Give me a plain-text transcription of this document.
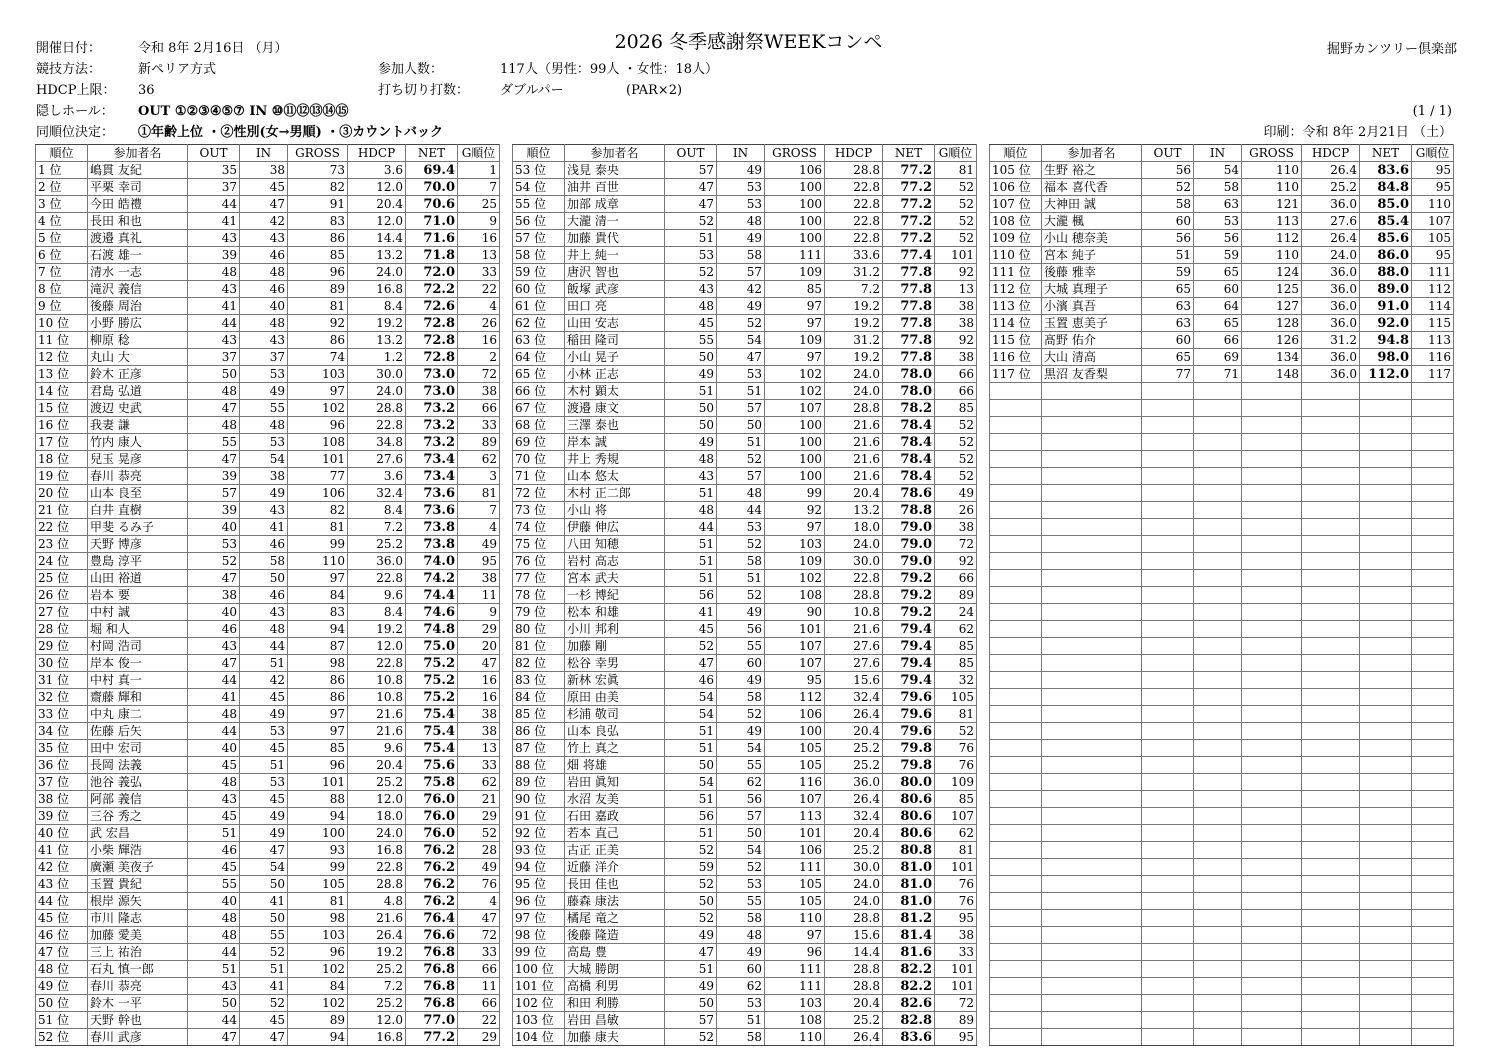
2026 冬季感謝祭WEEKコンペ	掘野カンツリー倶楽部
開催日付：	令和 8年 2月16日 （月）
競技方法：	新ペリア方式	参加人数：	117人（男性：99人 ・女性：18人）
HDCP上限： 36	打ち切り打数： ダブルパー	(PAR×2)
隠しホール： OUT ①②③④⑤⑦ IN ⑩⑪⑫⑬⑭⑮	(1 / 1)
同順位決定： ①年齢上位 ・②性別(女→男順) ・③カウントバック	印刷：令和 8年 2月21日 （土）
順位	参加者名	OUT	IN	GROSS	HDCP	NET	G順位
1 位	嶋貫 友紀	35	38	73	3.6	69.4	1
2 位	平栗 幸司	37	45	82	12.0	70.0	7
3 位	今田 皓禮	44	47	91	20.4	70.6	25
4 位	長田 和也	41	42	83	12.0	71.0	9
5 位	渡邉 真礼	43	43	86	14.4	71.6	16
6 位	石渡 雄一	39	46	85	13.2	71.8	13
7 位	清水 一志	48	48	96	24.0	72.0	33
8 位	滝沢 義信	43	46	89	16.8	72.2	22
9 位	後藤 周治	41	40	81	8.4	72.6	4
10 位	小野 勝広	44	48	92	19.2	72.8	26
11 位	柳原 稔	43	43	86	13.2	72.8	16
12 位	丸山 大	37	37	74	1.2	72.8	2
13 位	鈴木 正彦	50	53	103	30.0	73.0	72
14 位	君島 弘道	48	49	97	24.0	73.0	38
15 位	渡辺 史武	47	55	102	28.8	73.2	66
16 位	我妻 謙	48	48	96	22.8	73.2	33
17 位	竹内 康人	55	53	108	34.8	73.2	89
18 位	兒玉 晃彦	47	54	101	27.6	73.4	62
19 位	春川 恭亮	39	38	77	3.6	73.4	3
20 位	山本 良至	57	49	106	32.4	73.6	81
21 位	白井 直樹	39	43	82	8.4	73.6	7
22 位	甲斐 るみ子	40	41	81	7.2	73.8	4
23 位	天野 博彦	53	46	99	25.2	73.8	49
24 位	豊島 淳平	52	58	110	36.0	74.0	95
25 位	山田 裕道	47	50	97	22.8	74.2	38
26 位	岩本 要	38	46	84	9.6	74.4	11
27 位	中村 誠	40	43	83	8.4	74.6	9
28 位	堀 和人	46	48	94	19.2	74.8	29
29 位	村岡 浩司	43	44	87	12.0	75.0	20
30 位	岸本 俊一	47	51	98	22.8	75.2	47
31 位	中村 真一	44	42	86	10.8	75.2	16
32 位	齋藤 輝和	41	45	86	10.8	75.2	16
33 位	中丸 康二	48	49	97	21.6	75.4	38
34 位	佐藤 后矢	44	53	97	21.6	75.4	38
35 位	田中 宏司	40	45	85	9.6	75.4	13
36 位	長岡 法義	45	51	96	20.4	75.6	33
37 位	池谷 義弘	48	53	101	25.2	75.8	62
38 位	阿部 義信	43	45	88	12.0	76.0	21
39 位	三谷 秀之	45	49	94	18.0	76.0	29
40 位	武 宏昌	51	49	100	24.0	76.0	52
41 位	小柴 輝浩	46	47	93	16.8	76.2	28
42 位	廣瀬 美夜子	45	54	99	22.8	76.2	49
43 位	玉置 貴紀	55	50	105	28.8	76.2	76
44 位	根岸 源矢	40	41	81	4.8	76.2	4
45 位	市川 隆志	48	50	98	21.6	76.4	47
46 位	加藤 愛美	48	55	103	26.4	76.6	72
47 位	三上 祐治	44	52	96	19.2	76.8	33
48 位	石丸 慎一郎	51	51	102	25.2	76.8	66
49 位	春川 恭亮	43	41	84	7.2	76.8	11
50 位	鈴木 一平	50	52	102	25.2	76.8	66
51 位	天野 幹也	44	45	89	12.0	77.0	22
52 位	春川 武彦	47	47	94	16.8	77.2	29
順位	参加者名	OUT	IN	GROSS	HDCP	NET	G順位
53 位	浅見 泰央	57	49	106	28.8	77.2	81
54 位	油井 百世	47	53	100	22.8	77.2	52
55 位	加部 成章	47	53	100	22.8	77.2	52
56 位	大瀧 清一	52	48	100	22.8	77.2	52
57 位	加藤 貴代	51	49	100	22.8	77.2	52
58 位	井上 純一	53	58	111	33.6	77.4	101
59 位	唐沢 智也	52	57	109	31.2	77.8	92
60 位	飯塚 武彦	43	42	85	7.2	77.8	13
61 位	田口 亮	48	49	97	19.2	77.8	38
62 位	山田 安志	45	52	97	19.2	77.8	38
63 位	稲田 隆司	55	54	109	31.2	77.8	92
64 位	小山 晃子	50	47	97	19.2	77.8	38
65 位	小林 正志	49	53	102	24.0	78.0	66
66 位	木村 顕太	51	51	102	24.0	78.0	66
67 位	渡邉 康文	50	57	107	28.8	78.2	85
68 位	三澤 泰也	50	50	100	21.6	78.4	52
69 位	岸本 誠	49	51	100	21.6	78.4	52
70 位	井上 秀規	48	52	100	21.6	78.4	52
71 位	山本 悠太	43	57	100	21.6	78.4	52
72 位	木村 正二郎	51	48	99	20.4	78.6	49
73 位	小山 将	48	44	92	13.2	78.8	26
74 位	伊藤 伸広	44	53	97	18.0	79.0	38
75 位	八田 知穂	51	52	103	24.0	79.0	72
76 位	岩村 高志	51	58	109	30.0	79.0	92
77 位	宮本 武夫	51	51	102	22.8	79.2	66
78 位	一杉 博紀	56	52	108	28.8	79.2	89
79 位	松本 和雄	41	49	90	10.8	79.2	24
80 位	小川 邦利	45	56	101	21.6	79.4	62
81 位	加藤 剛	52	55	107	27.6	79.4	85
82 位	松谷 幸男	47	60	107	27.6	79.4	85
83 位	新林 宏眞	46	49	95	15.6	79.4	32
84 位	原田 由美	54	58	112	32.4	79.6	105
85 位	杉浦 敬司	54	52	106	26.4	79.6	81
86 位	山本 良弘	51	49	100	20.4	79.6	52
87 位	竹上 真之	51	54	105	25.2	79.8	76
88 位	畑 将雄	50	55	105	25.2	79.8	76
89 位	岩田 眞知	54	62	116	36.0	80.0	109
90 位	水沼 友美	51	56	107	26.4	80.6	85
91 位	石田 嘉政	56	57	113	32.4	80.6	107
92 位	若本 直己	51	50	101	20.4	80.6	62
93 位	古正 正美	52	54	106	25.2	80.8	81
94 位	近藤 洋介	59	52	111	30.0	81.0	101
95 位	長田 佳也	52	53	105	24.0	81.0	76
96 位	藤森 康法	50	55	105	24.0	81.0	76
97 位	橘尾 竜之	52	58	110	28.8	81.2	95
98 位	後藤 隆造	49	48	97	15.6	81.4	38
99 位	高島 豊	47	49	96	14.4	81.6	33
100 位	大城 勝朗	51	60	111	28.8	82.2	101
101 位	高橋 利男	49	62	111	28.8	82.2	101
102 位	和田 利勝	50	53	103	20.4	82.6	72
103 位	岩田 昌敏	57	51	108	25.2	82.8	89
104 位	加藤 康夫	52	58	110	26.4	83.6	95
順位	参加者名	OUT	IN	GROSS	HDCP	NET	G順位
105 位	生野 裕之	56	54	110	26.4	83.6	95
106 位	福本 喜代香	52	58	110	25.2	84.8	95
107 位	大神田 誠	58	63	121	36.0	85.0	110
108 位	大瀧 楓	60	53	113	27.6	85.4	107
109 位	小山 穂奈美	56	56	112	26.4	85.6	105
110 位	宮本 純子	51	59	110	24.0	86.0	95
111 位	後藤 雅幸	59	65	124	36.0	88.0	111
112 位	大城 真理子	65	60	125	36.0	89.0	112
113 位	小濱 真吾	63	64	127	36.0	91.0	114
114 位	玉置 恵美子	63	65	128	36.0	92.0	115
115 位	髙野 佑介	60	66	126	31.2	94.8	113
116 位	大山 清高	65	69	134	36.0	98.0	116
117 位	黒沼 友香梨	77	71	148	36.0	112.0	117
